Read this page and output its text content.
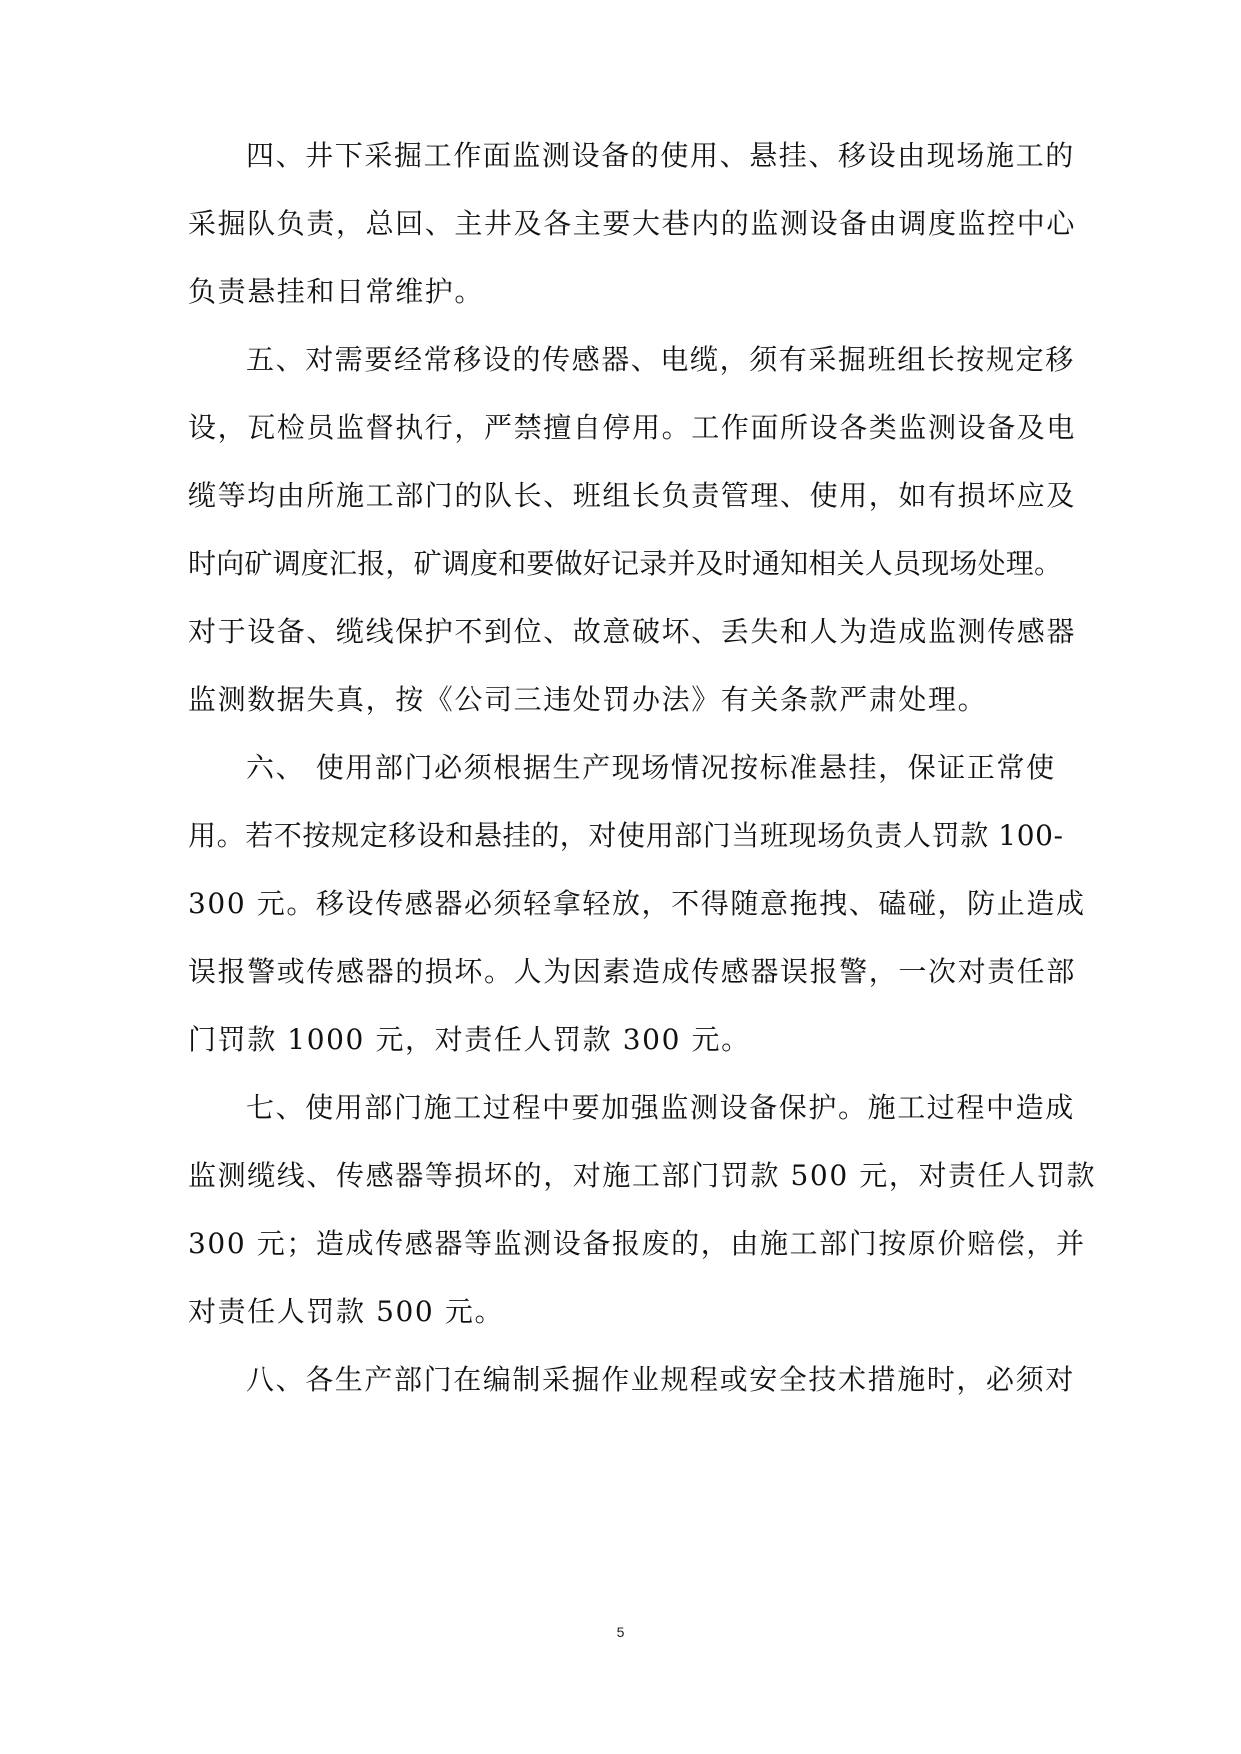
四、井下采掘工作面监测设备的使用、悬挂、移设由现场施工的
采掘队负责，总回、主井及各主要大巷内的监测设备由调度监控中心
负责悬挂和日常维护。
五、对需要经常移设的传感器、电缆，须有采掘班组长按规定移
设，瓦检员监督执行，严禁擅自停用。工作面所设各类监测设备及电
缆等均由所施工部门的队长、班组长负责管理、使用，如有损坏应及
时向矿调度汇报，矿调度和要做好记录并及时通知相关人员现场处理。
对于设备、缆线保护不到位、故意破坏、丢失和人为造成监测传感器
监测数据失真，按《公司三违处罚办法》有关条款严肃处理。
六、 使用部门必须根据生产现场情况按标准悬挂，保证正常使
用。若不按规定移设和悬挂的，对使用部门当班现场负责人罚款 100-
300 元。移设传感器必须轻拿轻放，不得随意拖拽、磕碰，防止造成
误报警或传感器的损坏。人为因素造成传感器误报警，一次对责任部
门罚款 1000 元，对责任人罚款 300 元。
七、使用部门施工过程中要加强监测设备保护。施工过程中造成
监测缆线、传感器等损坏的，对施工部门罚款 500 元，对责任人罚款
300 元；造成传感器等监测设备报废的，由施工部门按原价赔偿，并
对责任人罚款 500 元。
八、各生产部门在编制采掘作业规程或安全技术措施时，必须对
5
